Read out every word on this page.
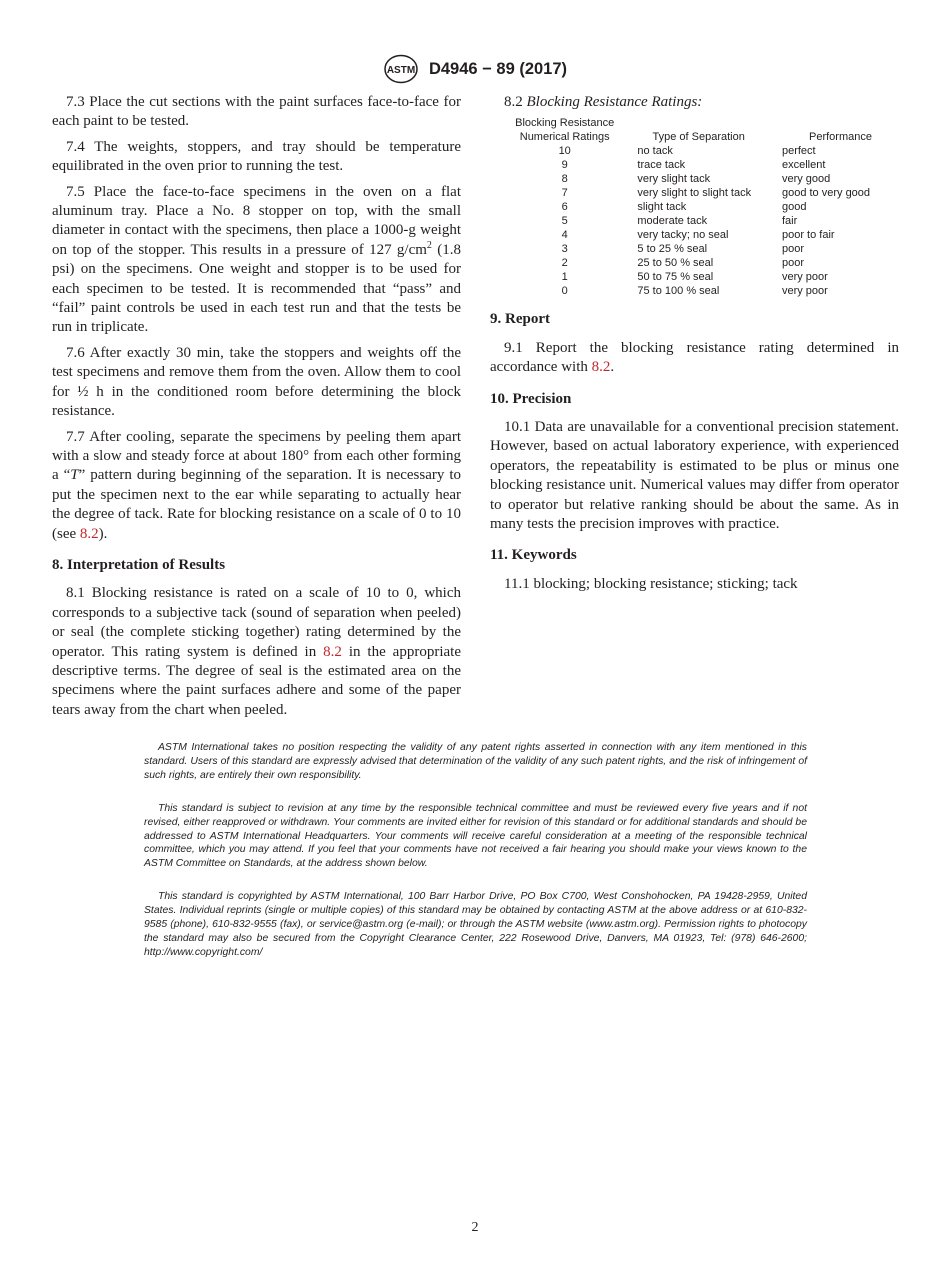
ASTM D4946 − 89 (2017)

7.3 Place the cut sections with the paint surfaces face-to-face for each paint to be tested.

7.4 The weights, stoppers, and tray should be temperature equilibrated in the oven prior to running the test.

7.5 Place the face-to-face specimens in the oven on a flat aluminum tray. Place a No. 8 stopper on top, with the small diameter in contact with the specimens, then place a 1000-g weight on top of the stopper. This results in a pressure of 127 $g/cm^2$ (1.8 psi) on the specimens. One weight and stopper is to be used for each specimen to be tested. It is recommended that “pass” and “fail” paint controls be used in each test run and that the tests be run in triplicate.

7.6 After exactly 30 min, take the stoppers and weights off the test specimens and remove them from the oven. Allow them to cool for ½ h in the conditioned room before determining the block resistance.

7.7 After cooling, separate the specimens by peeling them apart with a slow and steady force at about 180° from each other forming a “T” pattern during beginning of the separation. It is necessary to put the specimen next to the ear while separating to actually hear the degree of tack. Rate for blocking resistance on a scale of 0 to 10 (see 8.2).

8. Interpretation of Results

8.1 Blocking resistance is rated on a scale of 10 to 0, which corresponds to a subjective tack (sound of separation when peeled) or seal (the complete sticking together) rating determined by the operator. This rating system is defined in 8.2 in the appropriate descriptive terms. The degree of seal is the estimated area on the specimens where the paint surfaces adhere and some of the paper tears away from the chart when peeled.

8.2 Blocking Resistance Ratings:

Blocking Resistance Numerical Ratings	Type of Separation	Performance
10	no tack	perfect
9	trace tack	excellent
8	very slight tack	very good
7	very slight to slight tack	good to very good
6	slight tack	good
5	moderate tack	fair
4	very tacky; no seal	poor to fair
3	5 to 25 % seal	poor
2	25 to 50 % seal	poor
1	50 to 75 % seal	very poor
0	75 to 100 % seal	very poor
9. Report

9.1 Report the blocking resistance rating determined in accordance with 8.2.

10. Precision

10.1 Data are unavailable for a conventional precision statement. However, based on actual laboratory experience, with experienced operators, the repeatability is estimated to be plus or minus one blocking resistance unit. Numerical values may differ from operator to operator but relative ranking should be about the same. As in many tests the precision improves with practice.

11. Keywords

11.1 blocking; blocking resistance; sticking; tack

ASTM International takes no position respecting the validity of any patent rights asserted in connection with any item mentioned in this standard. Users of this standard are expressly advised that determination of the validity of any such patent rights, and the risk of infringement of such rights, are entirely their own responsibility.

This standard is subject to revision at any time by the responsible technical committee and must be reviewed every five years and if not revised, either reapproved or withdrawn. Your comments are invited either for revision of this standard or for additional standards and should be addressed to ASTM International Headquarters. Your comments will receive careful consideration at a meeting of the responsible technical committee, which you may attend. If you feel that your comments have not received a fair hearing you should make your views known to the ASTM Committee on Standards, at the address shown below.

This standard is copyrighted by ASTM International, 100 Barr Harbor Drive, PO Box C700, West Conshohocken, PA 19428-2959, United States. Individual reprints (single or multiple copies) of this standard may be obtained by contacting ASTM at the above address or at 610-832-9585 (phone), 610-832-9555 (fax), or service@astm.org (e-mail); or through the ASTM website (www.astm.org). Permission rights to photocopy the standard may also be secured from the Copyright Clearance Center, 222 Rosewood Drive, Danvers, MA 01923, Tel: (978) 646-2600; http://www.copyright.com/

2
